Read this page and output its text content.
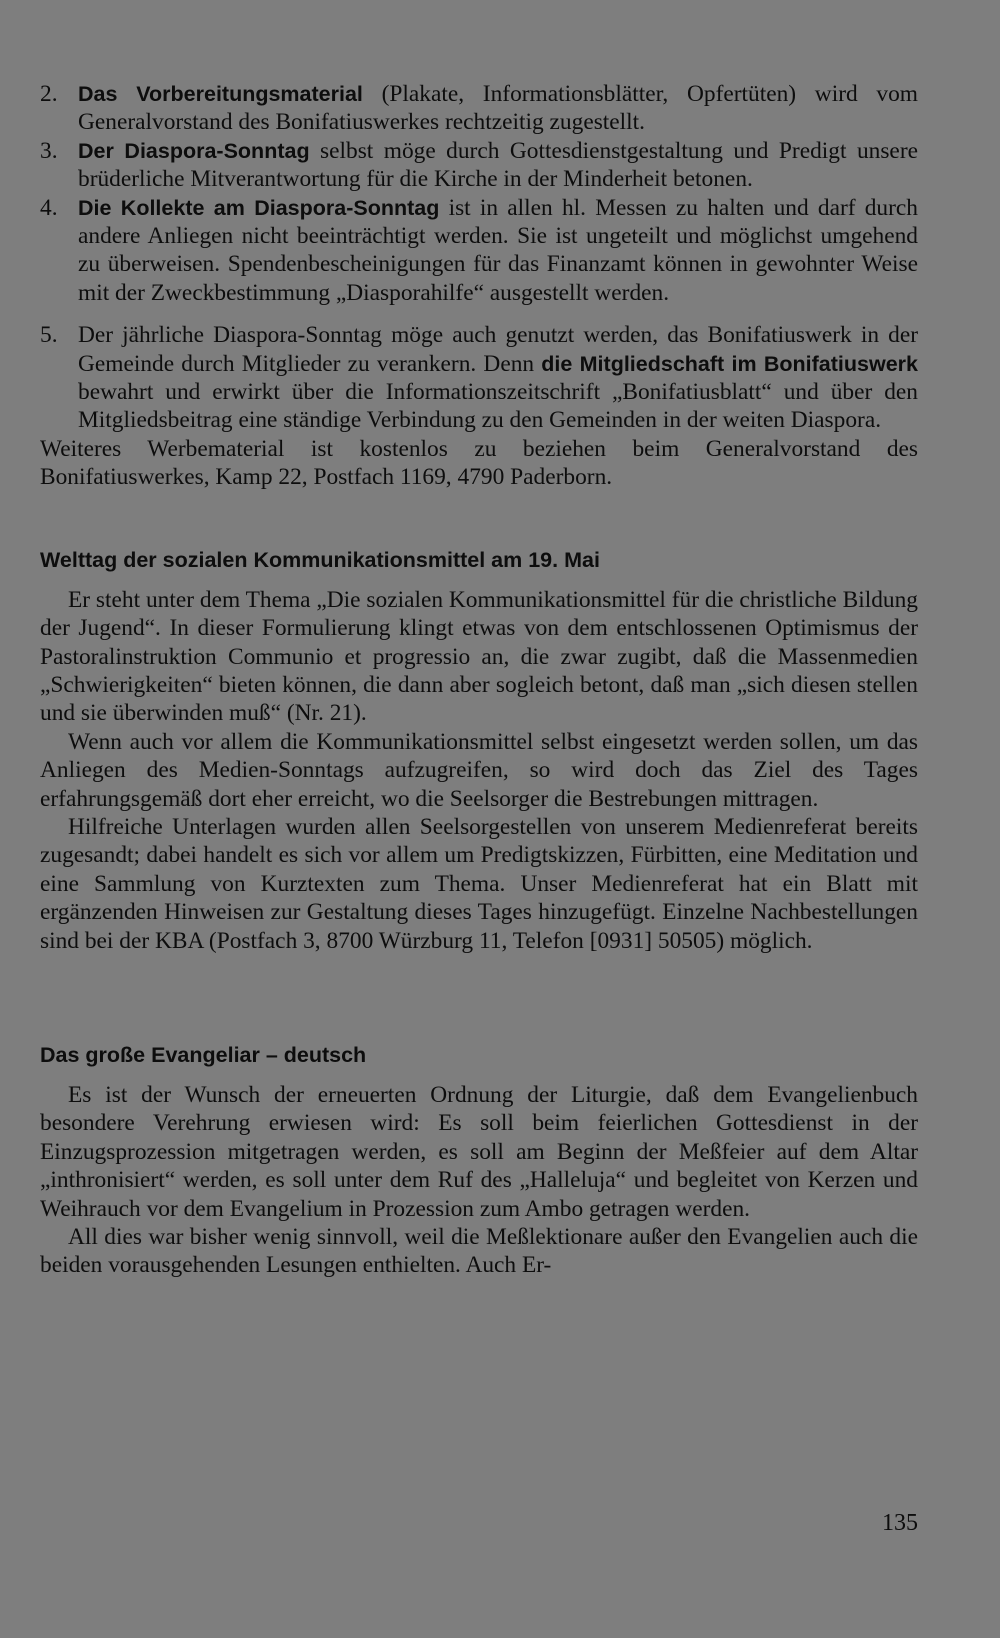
2. Das Vorbereitungsmaterial (Plakate, Informationsblätter, Opfertüten) wird vom Generalvorstand des Bonifatiuswerkes rechtzeitig zugestellt.
3. Der Diaspora-Sonntag selbst möge durch Gottesdienstgestaltung und Predigt unsere brüderliche Mitverantwortung für die Kirche in der Minderheit betonen.
4. Die Kollekte am Diaspora-Sonntag ist in allen hl. Messen zu halten und darf durch andere Anliegen nicht beeinträchtigt werden. Sie ist ungeteilt und möglichst umgehend zu überweisen. Spendenbescheinigungen für das Finanzamt können in gewohnter Weise mit der Zweckbestimmung „Diasporahilfe“ ausgestellt werden.
5. Der jährliche Diaspora-Sonntag möge auch genutzt werden, das Bonifatiuswerk in der Gemeinde durch Mitglieder zu verankern. Denn die Mitgliedschaft im Bonifatiuswerk bewahrt und erwirkt über die Informationszeitschrift „Bonifatiusblatt“ und über den Mitgliedsbeitrag eine ständige Verbindung zu den Gemeinden in der weiten Diaspora.

Weiteres Werbematerial ist kostenlos zu beziehen beim Generalvorstand des Bonifatiuswerkes, Kamp 22, Postfach 1169, 4790 Paderborn.

Welttag der sozialen Kommunikationsmittel am 19. Mai

Er steht unter dem Thema „Die sozialen Kommunikationsmittel für die christliche Bildung der Jugend“. In dieser Formulierung klingt etwas von dem entschlossenen Optimismus der Pastoralinstruktion Communio et progressio an, die zwar zugibt, daß die Massenmedien „Schwierigkeiten“ bieten können, die dann aber sogleich betont, daß man „sich diesen stellen und sie überwinden muß“ (Nr. 21).

Wenn auch vor allem die Kommunikationsmittel selbst eingesetzt werden sollen, um das Anliegen des Medien-Sonntags aufzugreifen, so wird doch das Ziel des Tages erfahrungsgemäß dort eher erreicht, wo die Seelsorger die Bestrebungen mittragen.

Hilfreiche Unterlagen wurden allen Seelsorgestellen von unserem Medienreferat bereits zugesandt; dabei handelt es sich vor allem um Predigtskizzen, Fürbitten, eine Meditation und eine Sammlung von Kurztexten zum Thema. Unser Medienreferat hat ein Blatt mit ergänzenden Hinweisen zur Gestaltung dieses Tages hinzugefügt. Einzelne Nachbestellungen sind bei der KBA (Postfach 3, 8700 Würzburg 11, Telefon [0931] 50505) möglich.

Das große Evangeliar – deutsch

Es ist der Wunsch der erneuerten Ordnung der Liturgie, daß dem Evangelienbuch besondere Verehrung erwiesen wird: Es soll beim feierlichen Gottesdienst in der Einzugsprozession mitgetragen werden, es soll am Beginn der Meßfeier auf dem Altar „inthronisiert“ werden, es soll unter dem Ruf des „Halleluja“ und begleitet von Kerzen und Weihrauch vor dem Evangelium in Prozession zum Ambo getragen werden.

All dies war bisher wenig sinnvoll, weil die Meßlektionare außer den Evangelien auch die beiden vorausgehenden Lesungen enthielten. Auch Er-

135
